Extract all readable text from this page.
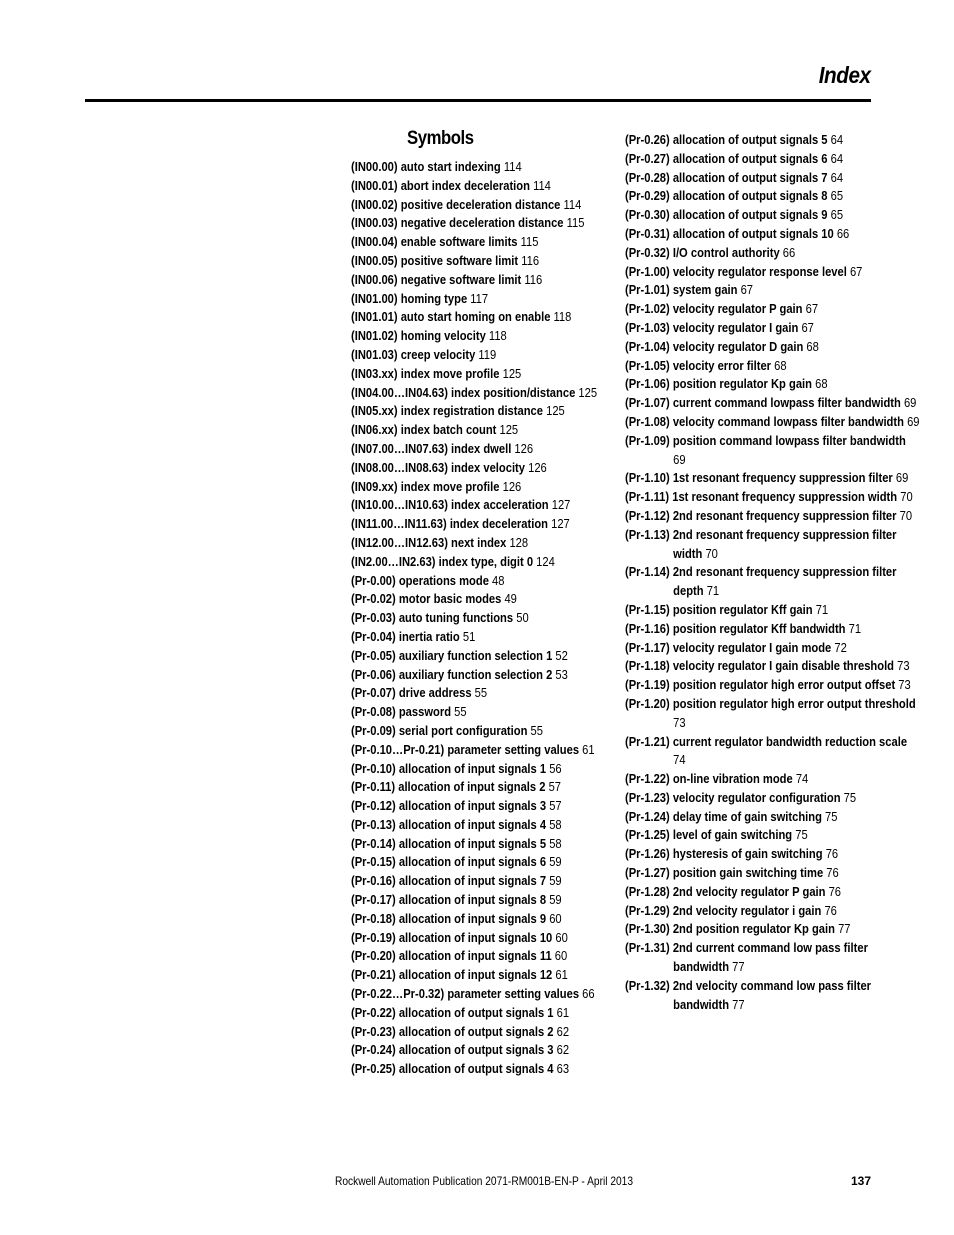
Index
Symbols
(IN00.00) auto start indexing 114
(IN00.01) abort index deceleration 114
(IN00.02) positive deceleration distance 114
(IN00.03) negative deceleration distance 115
(IN00.04) enable software limits 115
(IN00.05) positive software limit 116
(IN00.06) negative software limit 116
(IN01.00) homing type 117
(IN01.01) auto start homing on enable 118
(IN01.02) homing velocity 118
(IN01.03) creep velocity 119
(IN03.xx) index move profile 125
(IN04.00…IN04.63) index position/distance 125
(IN05.xx) index registration distance 125
(IN06.xx) index batch count 125
(IN07.00…IN07.63) index dwell 126
(IN08.00…IN08.63) index velocity 126
(IN09.xx) index move profile 126
(IN10.00…IN10.63) index acceleration 127
(IN11.00…IN11.63) index deceleration 127
(IN12.00…IN12.63) next index 128
(IN2.00…IN2.63) index type, digit 0 124
(Pr-0.00) operations mode 48
(Pr-0.02) motor basic modes 49
(Pr-0.03) auto tuning functions 50
(Pr-0.04) inertia ratio 51
(Pr-0.05) auxiliary function selection 1 52
(Pr-0.06) auxiliary function selection 2 53
(Pr-0.07) drive address 55
(Pr-0.08) password 55
(Pr-0.09) serial port configuration 55
(Pr-0.10…Pr-0.21) parameter setting values 61
(Pr-0.10) allocation of input signals 1 56
(Pr-0.11) allocation of input signals 2 57
(Pr-0.12) allocation of input signals 3 57
(Pr-0.13) allocation of input signals 4 58
(Pr-0.14) allocation of input signals 5 58
(Pr-0.15) allocation of input signals 6 59
(Pr-0.16) allocation of input signals 7 59
(Pr-0.17) allocation of input signals 8 59
(Pr-0.18) allocation of input signals 9 60
(Pr-0.19) allocation of input signals 10 60
(Pr-0.20) allocation of input signals 11 60
(Pr-0.21) allocation of input signals 12 61
(Pr-0.22…Pr-0.32) parameter setting values 66
(Pr-0.22) allocation of output signals 1 61
(Pr-0.23) allocation of output signals 2 62
(Pr-0.24) allocation of output signals 3 62
(Pr-0.25) allocation of output signals 4 63
(Pr-0.26) allocation of output signals 5 64
(Pr-0.27) allocation of output signals 6 64
(Pr-0.28) allocation of output signals 7 64
(Pr-0.29) allocation of output signals 8 65
(Pr-0.30) allocation of output signals 9 65
(Pr-0.31) allocation of output signals 10 66
(Pr-0.32) I/O control authority 66
(Pr-1.00) velocity regulator response level 67
(Pr-1.01) system gain 67
(Pr-1.02) velocity regulator P gain 67
(Pr-1.03) velocity regulator I gain 67
(Pr-1.04) velocity regulator D gain 68
(Pr-1.05) velocity error filter 68
(Pr-1.06) position regulator Kp gain 68
(Pr-1.07) current command lowpass filter bandwidth 69
(Pr-1.08) velocity command lowpass filter bandwidth 69
(Pr-1.09) position command lowpass filter bandwidth 69
(Pr-1.10) 1st resonant frequency suppression filter 69
(Pr-1.11) 1st resonant frequency suppression width 70
(Pr-1.12) 2nd resonant frequency suppression filter 70
(Pr-1.13) 2nd resonant frequency suppression filter width 70
(Pr-1.14) 2nd resonant frequency suppression filter depth 71
(Pr-1.15) position regulator Kff gain 71
(Pr-1.16) position regulator Kff bandwidth 71
(Pr-1.17) velocity regulator I gain mode 72
(Pr-1.18) velocity regulator I gain disable threshold 73
(Pr-1.19) position regulator high error output offset 73
(Pr-1.20) position regulator high error output threshold 73
(Pr-1.21) current regulator bandwidth reduction scale 74
(Pr-1.22) on-line vibration mode 74
(Pr-1.23) velocity regulator configuration 75
(Pr-1.24) delay time of gain switching 75
(Pr-1.25) level of gain switching 75
(Pr-1.26) hysteresis of gain switching 76
(Pr-1.27) position gain switching time 76
(Pr-1.28) 2nd velocity regulator P gain 76
(Pr-1.29) 2nd velocity regulator i gain 76
(Pr-1.30) 2nd position regulator Kp gain 77
(Pr-1.31) 2nd current command low pass filter bandwidth 77
(Pr-1.32) 2nd velocity command low pass filter bandwidth 77
Rockwell Automation Publication 2071-RM001B-EN-P - April 2013	137
